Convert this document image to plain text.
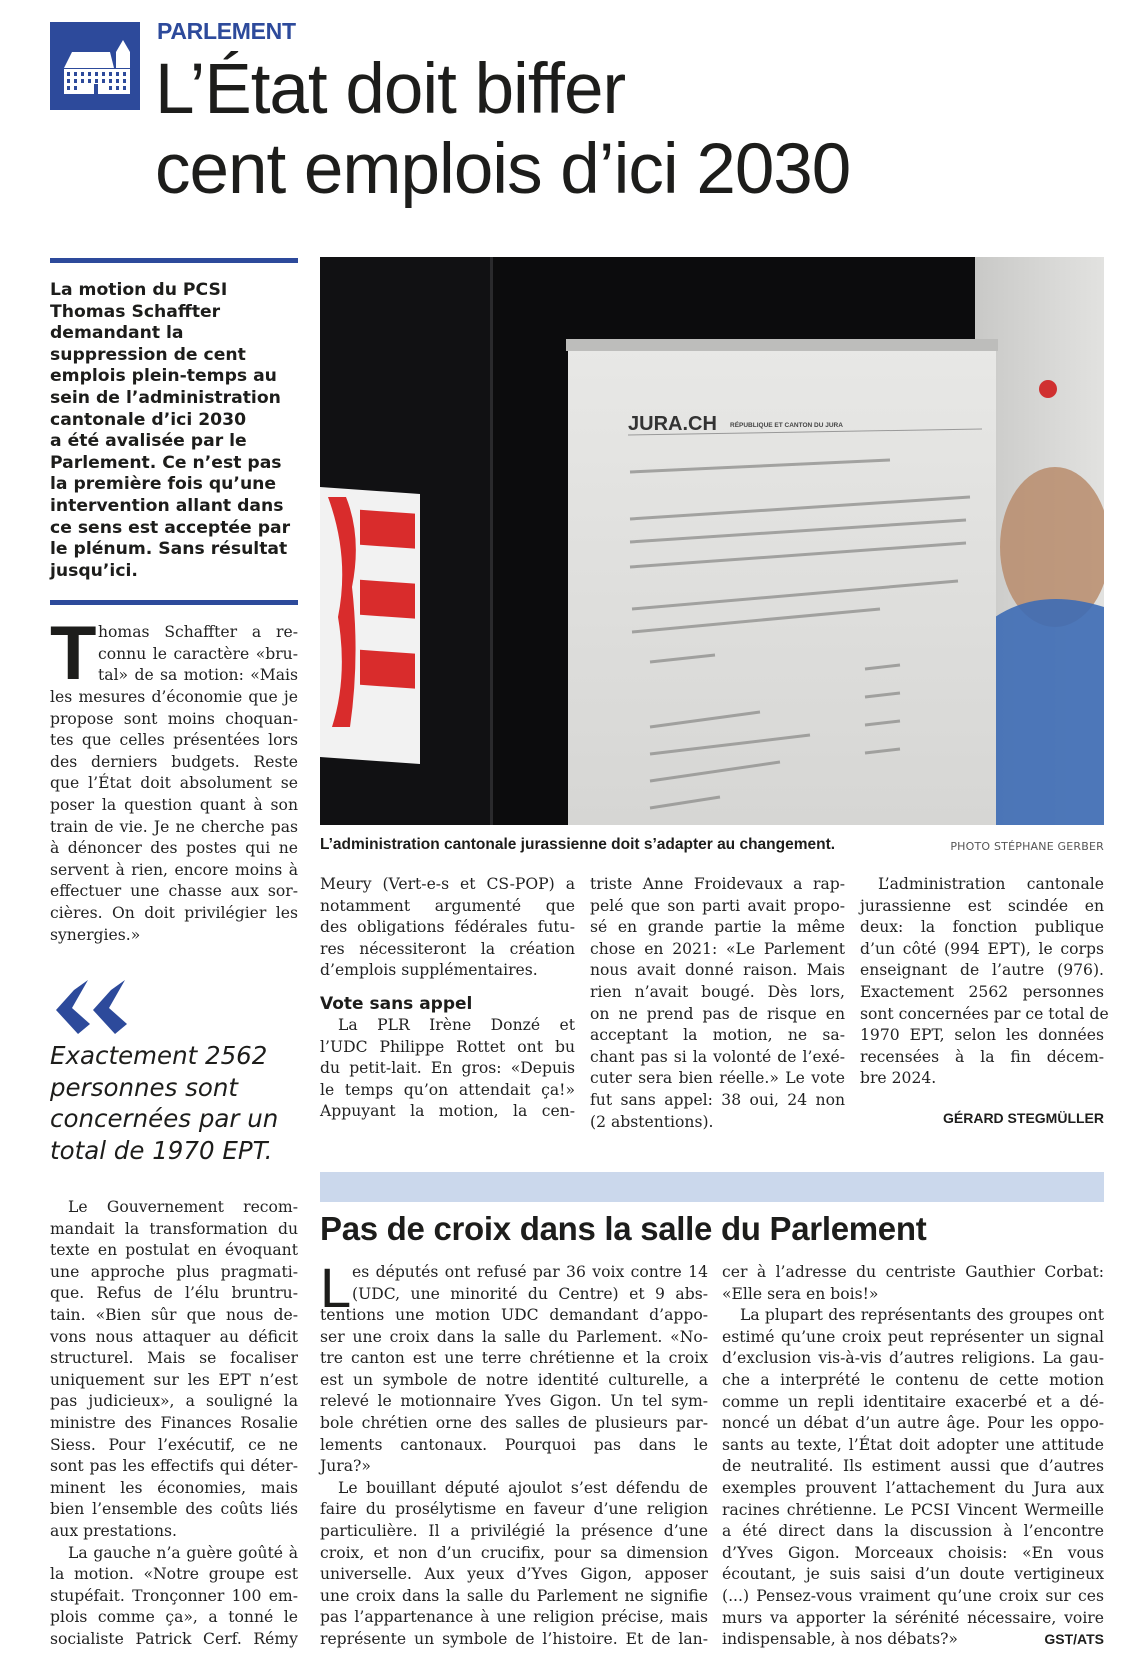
PARLEMENT
L’État doit biffer
cent emplois d’ici 2030
La motion du PCSI
Thomas Schaffter
demandant la
suppression de cent
emplois plein-temps au
sein de l’administration
cantonale d’ici 2030
a été avalisée par le
Parlement. Ce n’est pas
la première fois qu’une
intervention allant dans
ce sens est acceptée par
le plénum. Sans résultat
jusqu’ici.
T homas Schaffter a re-
connu le caractère «bru-
tal» de sa motion: «Mais
les mesures d’économie que je
propose sont moins choquan-
tes que celles présentées lors
des derniers budgets. Reste
que l’État doit absolument se
poser la question quant à son
train de vie. Je ne cherche pas
à dénoncer des postes qui ne
servent à rien, encore moins à
effectuer une chasse aux sor-
cières. On doit privilégier les
synergies.»
Exactement 2562
personnes sont
concernées par un
total de 1970 EPT.
Le Gouvernement recom-
mandait la transformation du
texte en postulat en évoquant
une approche plus pragmati-
que. Refus de l’élu bruntru-
tain. «Bien sûr que nous de-
vons nous attaquer au déficit
structurel. Mais se focaliser
uniquement sur les EPT n’est
pas judicieux», a souligné la
ministre des Finances Rosalie
Siess. Pour l’exécutif, ce ne
sont pas les effectifs qui déter-
minent les économies, mais
bien l’ensemble des coûts liés
aux prestations.
La gauche n’a guère goûté à
la motion. «Notre groupe est
stupéfait. Tronçonner 100 em-
plois comme ça», a tonné le
socialiste Patrick Cerf. Rémy
JURA.CH RÉPUBLIQUE ET CANTON DU JURA
L’administration cantonale jurassienne doit s’adapter au changement.	PHOTO STÉPHANE GERBER
Meury (Vert-e-s et CS-POP) a
notamment argumenté que
des obligations fédérales futu-
res nécessiteront la création
d’emplois supplémentaires.
Vote sans appel
La PLR Irène Donzé et
l’UDC Philippe Rottet ont bu
du petit-lait. En gros: «Depuis
le temps qu’on attendait ça!»
Appuyant la motion, la cen-
triste Anne Froidevaux a rap-
pelé que son parti avait propo-
sé en grande partie la même
chose en 2021: «Le Parlement
nous avait donné raison. Mais
rien n’avait bougé. Dès lors,
on ne prend pas de risque en
acceptant la motion, ne sa-
chant pas si la volonté de l’exé-
cuter sera bien réelle.» Le vote
fut sans appel: 38 oui, 24 non
(2 abstentions).
L’administration cantonale
jurassienne est scindée en
deux: la fonction publique
d’un côté (994 EPT), le corps
enseignant de l’autre (976).
Exactement 2562 personnes
sont concernées par ce total de
1970 EPT, selon les données
recensées à la fin décem-
bre 2024.
GÉRARD STEGMÜLLER
Pas de croix dans la salle du Parlement
L es députés ont refusé par 36 voix contre 14
(UDC, une minorité du Centre) et 9 abs-
tentions une motion UDC demandant d’appo-
ser une croix dans la salle du Parlement. «No-
tre canton est une terre chrétienne et la croix
est un symbole de notre identité culturelle, a
relevé le motionnaire Yves Gigon. Un tel sym-
bole chrétien orne des salles de plusieurs par-
lements cantonaux. Pourquoi pas dans le
Jura?»
Le bouillant député ajoulot s’est défendu de
faire du prosélytisme en faveur d’une religion
particulière. Il a privilégié la présence d’une
croix, et non d’un crucifix, pour sa dimension
universelle. Aux yeux d’Yves Gigon, apposer
une croix dans la salle du Parlement ne signifie
pas l’appartenance à une religion précise, mais
représente un symbole de l’histoire. Et de lan-
cer à l’adresse du centriste Gauthier Corbat:
«Elle sera en bois!»
La plupart des représentants des groupes ont
estimé qu’une croix peut représenter un signal
d’exclusion vis-à-vis d’autres religions. La gau-
che a interprété le contenu de cette motion
comme un repli identitaire exacerbé et a dé-
noncé un débat d’un autre âge. Pour les oppo-
sants au texte, l’État doit adopter une attitude
de neutralité. Ils estiment aussi que d’autres
exemples prouvent l’attachement du Jura aux
racines chrétienne. Le PCSI Vincent Wermeille
a été direct dans la discussion à l’encontre
d’Yves Gigon. Morceaux choisis: «En vous
écoutant, je suis saisi d’un doute vertigineux
(...) Pensez-vous vraiment qu’une croix sur ces
murs va apporter la sérénité nécessaire, voire
indispensable, à nos débats?»	GST/ATS
